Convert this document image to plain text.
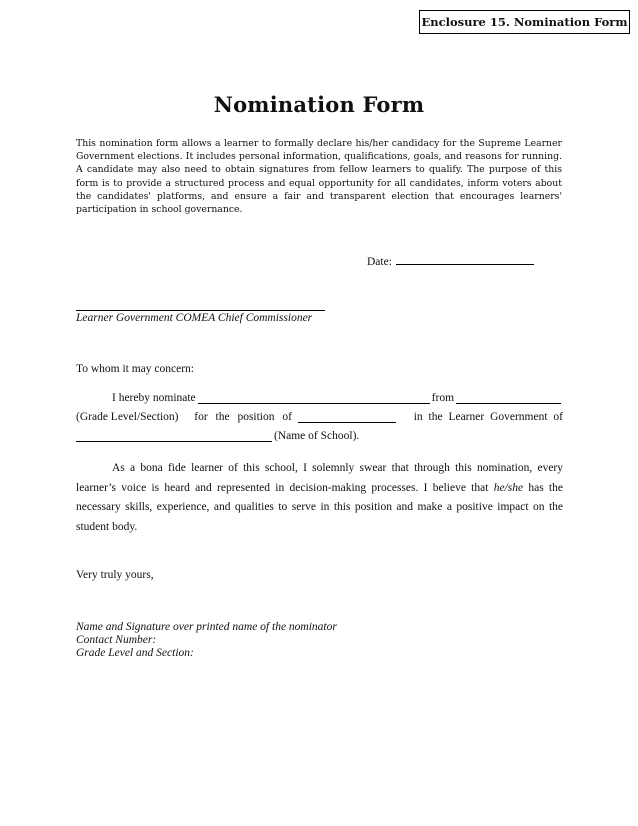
Enclosure 15. Nomination Form
Nomination Form
This nomination form allows a learner to formally declare his/her candidacy for the Supreme Learner Government elections. It includes personal information, qualifications, goals, and reasons for running. A candidate may also need to obtain signatures from fellow learners to qualify. The purpose of this form is to provide a structured process and equal opportunity for all candidates, inform voters about the candidates' platforms, and ensure a fair and transparent election that encourages learners' participation in school governance.
Date:
Learner Government COMEA Chief Commissioner
To whom it may concern:
I hereby nominate	from
(Grade Level/Section) for the position of	in the Learner Government of
(Name of School).
As a bona fide learner of this school, I solemnly swear that through this nomination, every learner’s voice is heard and represented in decision-making processes. I believe that he/she has the necessary skills, experience, and qualities to serve in this position and make a positive impact on the student body.
Very truly yours,
Name and Signature over printed name of the nominator
Contact Number:
Grade Level and Section:
